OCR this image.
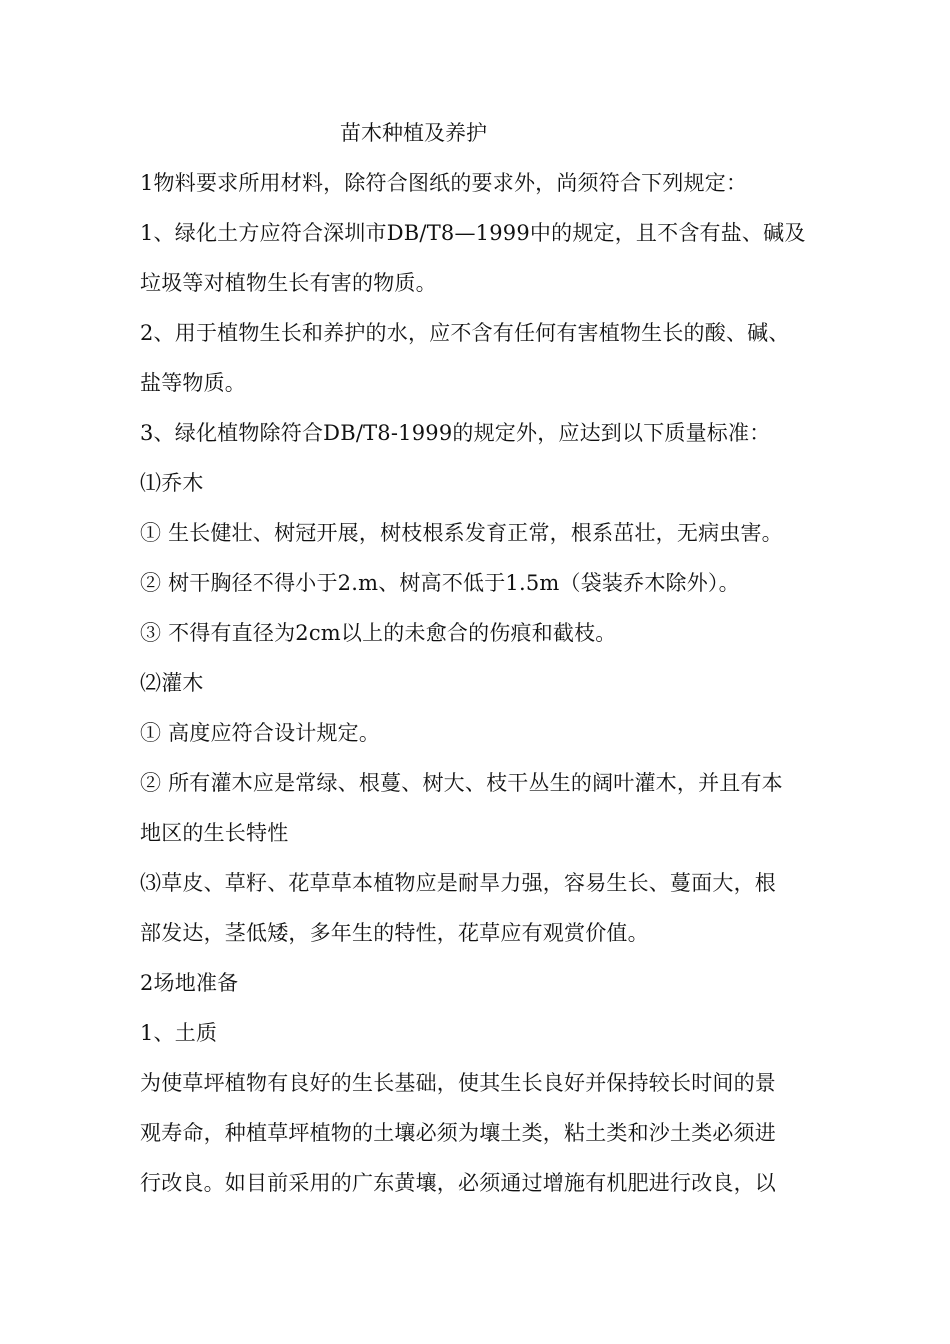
苗木种植及养护
1物料要求所用材料，除符合图纸的要求外，尚须符合下列规定：
1、绿化土方应符合深圳市DB/T8—1999中的规定，且不含有盐、碱及
垃圾等对植物生长有害的物质。
2、用于植物生长和养护的水，应不含有任何有害植物生长的酸、碱、
盐等物质。
3、绿化植物除符合DB/T8-1999的规定外，应达到以下质量标准：
⑴乔木
① 生长健壮、树冠开展，树枝根系发育正常，根系茁壮，无病虫害。
② 树干胸径不得小于2.m、树高不低于1.5m（袋装乔木除外）。
③ 不得有直径为2cm以上的未愈合的伤痕和截枝。
⑵灌木
① 高度应符合设计规定。
② 所有灌木应是常绿、根蔓、树大、枝干丛生的阔叶灌木，并且有本
地区的生长特性
⑶草皮、草籽、花草草本植物应是耐旱力强，容易生长、蔓面大，根
部发达，茎低矮，多年生的特性，花草应有观赏价值。
2场地准备
1、土质
为使草坪植物有良好的生长基础，使其生长良好并保持较长时间的景
观寿命，种植草坪植物的土壤必须为壤土类，粘土类和沙土类必须进
行改良。如目前采用的广东黄壤，必须通过增施有机肥进行改良，以
